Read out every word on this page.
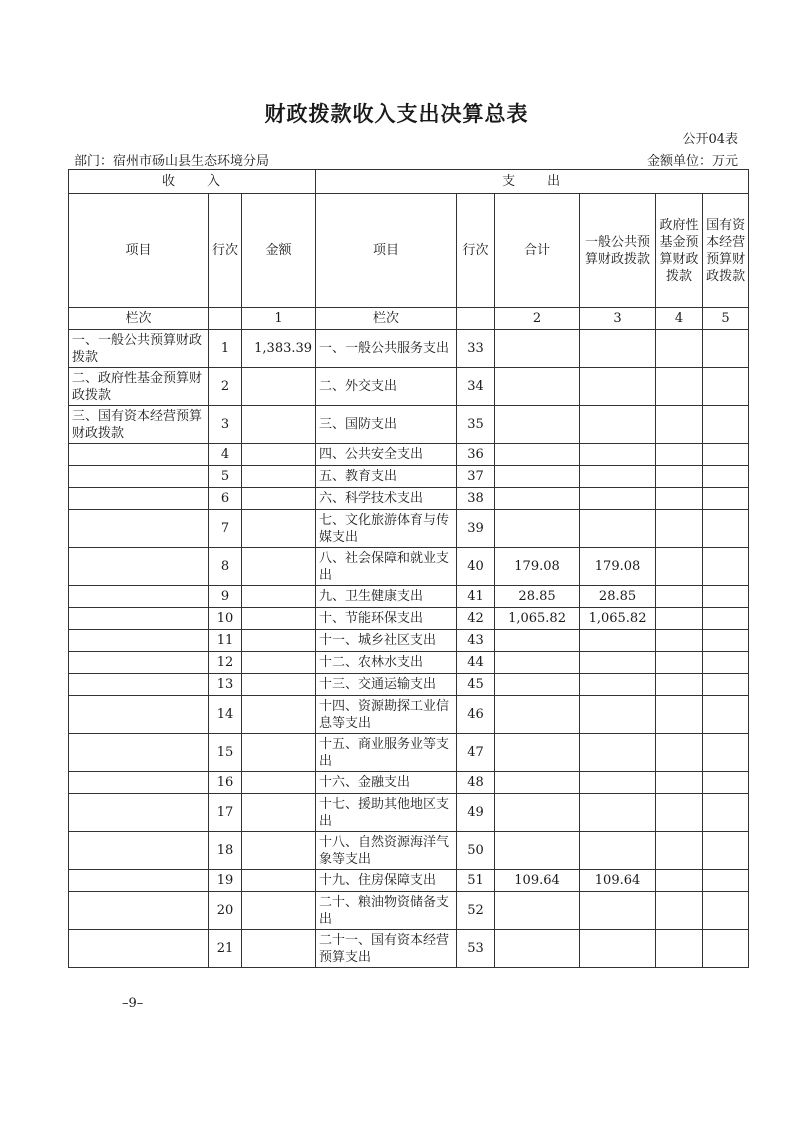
财政拨款收入支出决算总表
公开04表
部门：宿州市砀山县生态环境分局	金额单位：万元
收　　入			支　　出					
项目	行次	金额	项目	行次	合计	一般公共预算财政拨款	政府性基金预算财政拨款	国有资本经营预算财政拨款
栏次		1	栏次		2	3	4	5
一、一般公共预算财政拨款	1	1,383.39	一、一般公共服务支出	33				
二、政府性基金预算财政拨款	2		二、外交支出	34				
三、国有资本经营预算财政拨款	3		三、国防支出	35				
	4		四、公共安全支出	36				
	5		五、教育支出	37				
	6		六、科学技术支出	38				
	7		七、文化旅游体育与传媒支出	39				
	8		八、社会保障和就业支出	40	179.08	179.08		
	9		九、卫生健康支出	41	28.85	28.85		
	10		十、节能环保支出	42	1,065.82	1,065.82		
	11		十一、城乡社区支出	43				
	12		十二、农林水支出	44				
	13		十三、交通运输支出	45				
	14		十四、资源勘探工业信息等支出	46				
	15		十五、商业服务业等支出	47				
	16		十六、金融支出	48				
	17		十七、援助其他地区支出	49				
	18		十八、自然资源海洋气象等支出	50				
	19		十九、住房保障支出	51	109.64	109.64		
	20		二十、粮油物资储备支出	52				
	21		二十一、国有资本经营预算支出	53				
–9–
